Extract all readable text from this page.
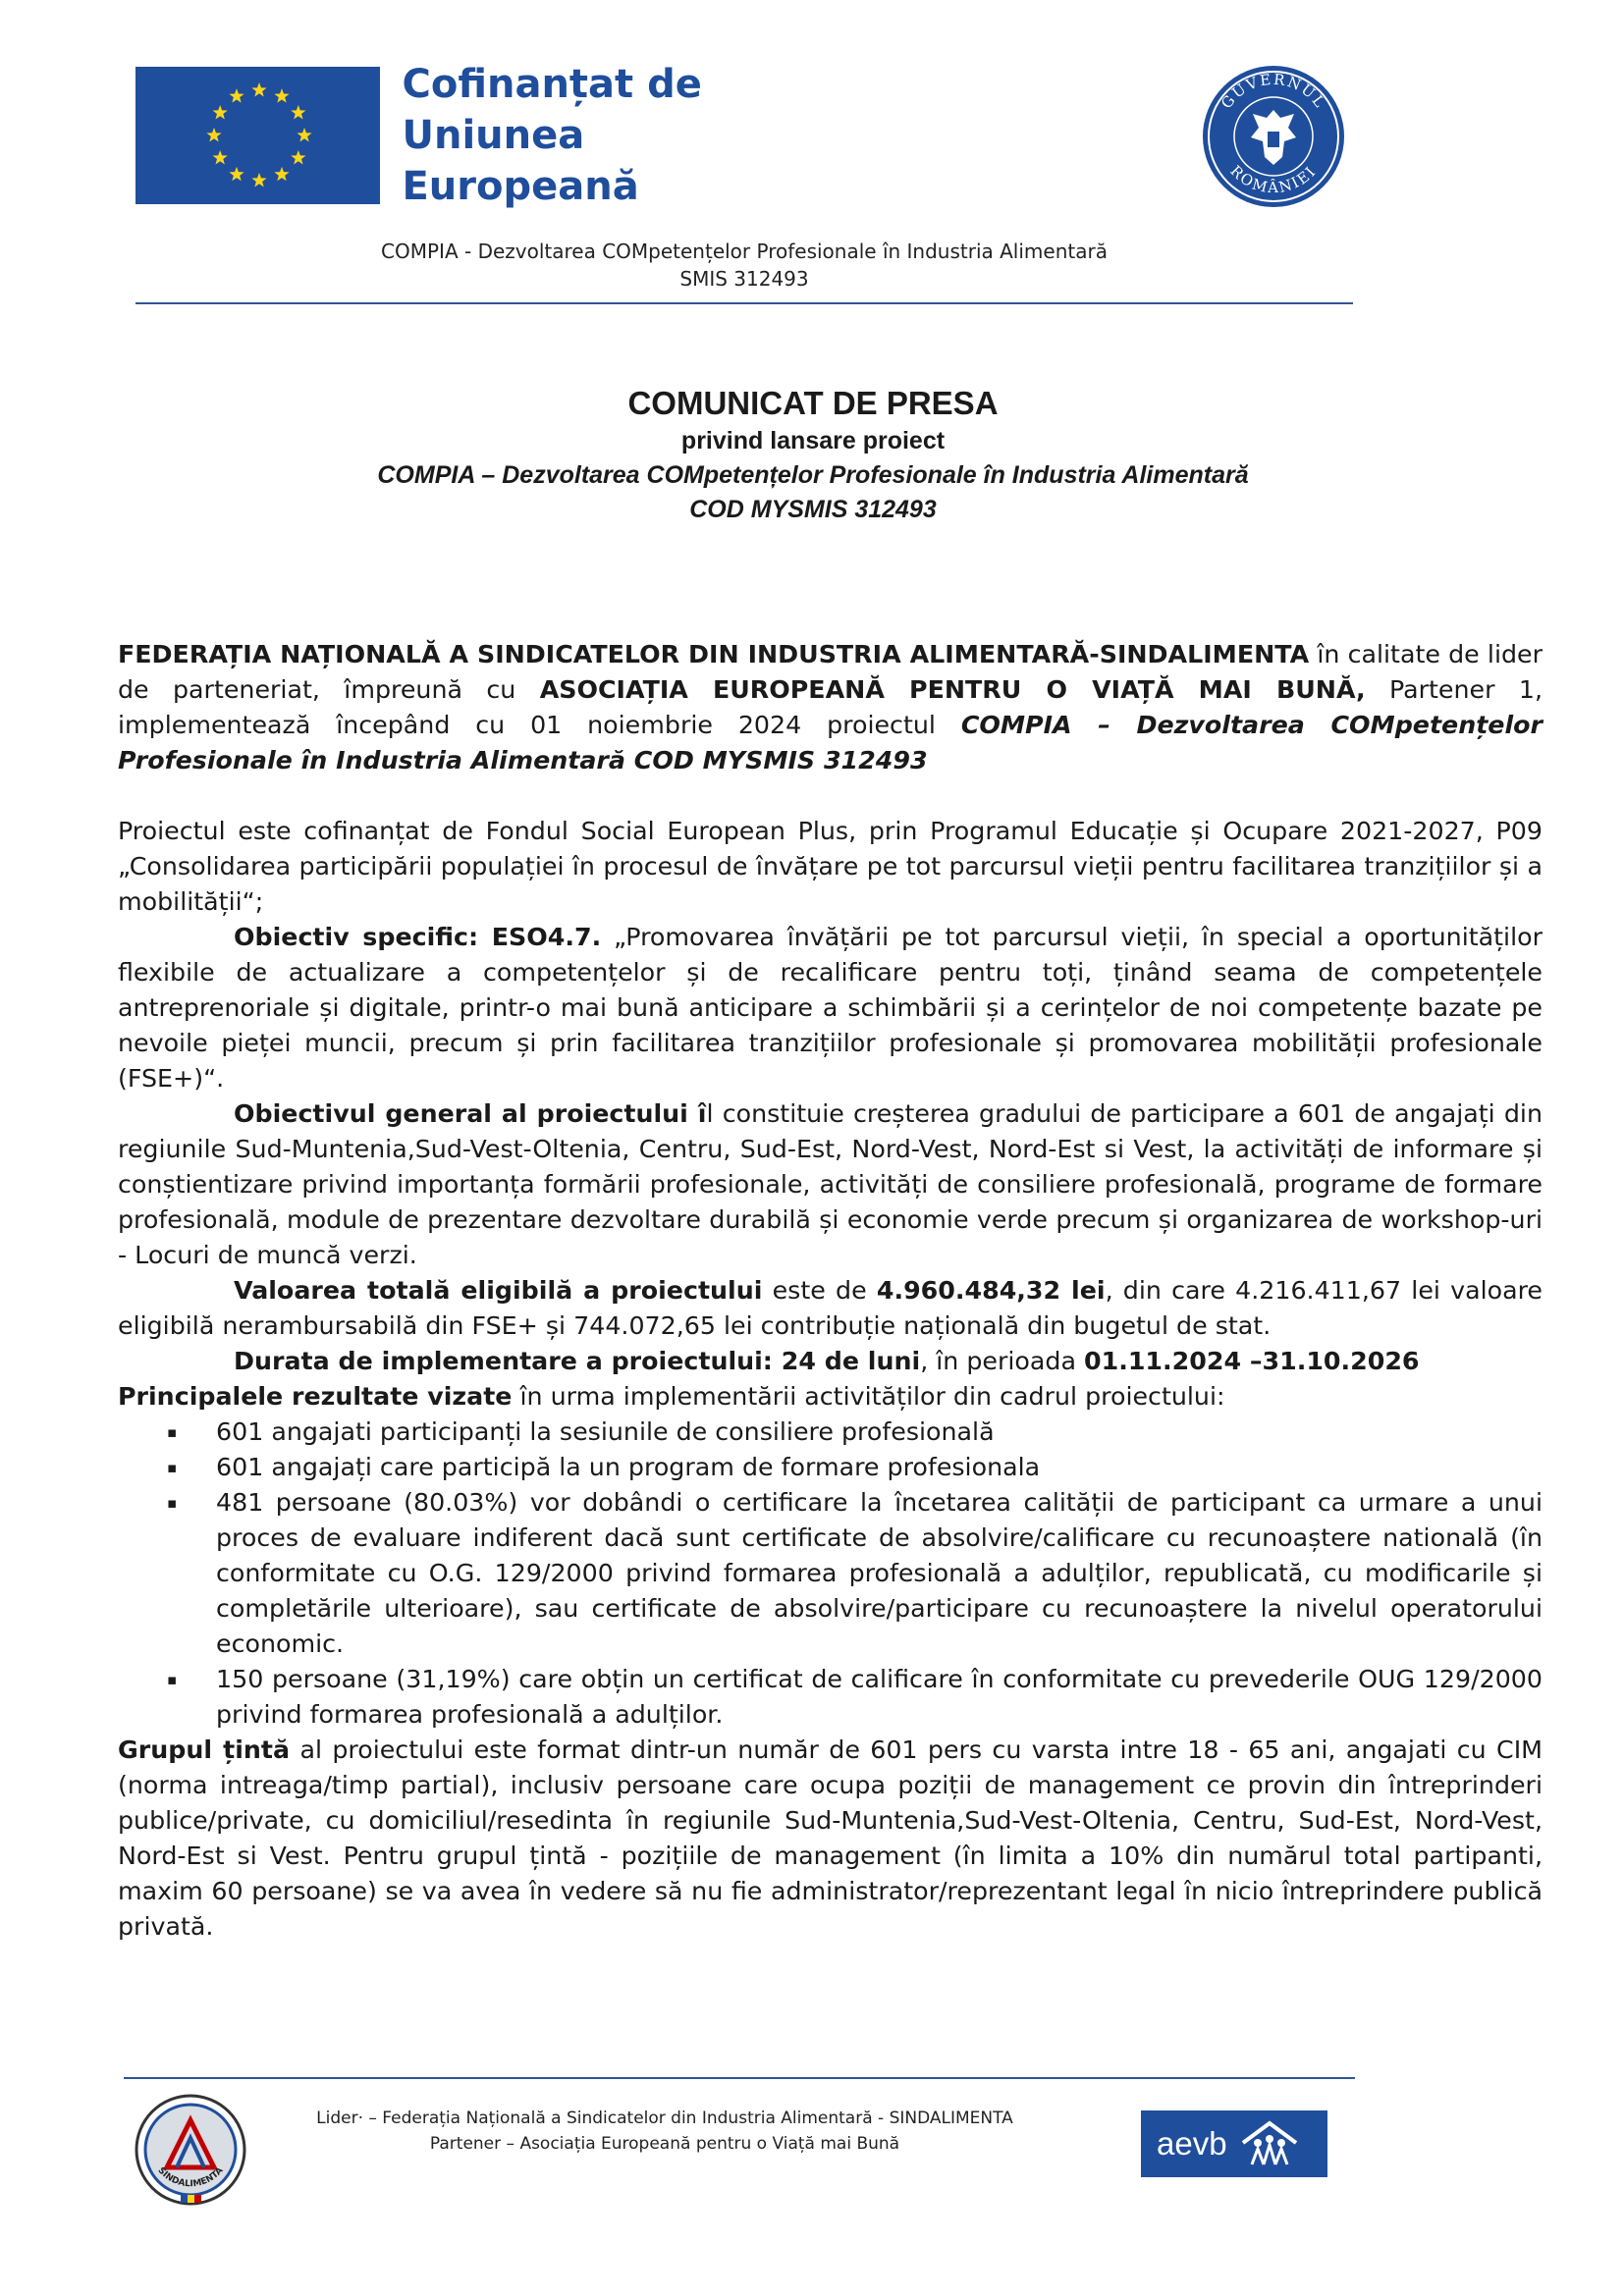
Cofinanțat de
Uniunea Europeană
GUVERNUL
ROMÂNIEI
COMPIA - Dezvoltarea COMpetențelor Profesionale în Industria Alimentară
SMIS 312493
COMUNICAT DE PRESA
privind lansare proiect
COMPIA – Dezvoltarea COMpetențelor Profesionale în Industria Alimentară
COD MYSMIS 312493

FEDERAȚIA NAȚIONALĂ A SINDICATELOR DIN INDUSTRIA ALIMENTARĂ-SINDALIMENTA în calitate de lider de parteneriat, împreună cu ASOCIAȚIA EUROPEANĂ PENTRU O VIAȚĂ MAI BUNĂ, Partener 1, implementează începând cu 01 noiembrie 2024 proiectul COMPIA – Dezvoltarea COMpetențelor Profesionale în Industria Alimentară COD MYSMIS 312493

Proiectul este cofinanțat de Fondul Social European Plus, prin Programul Educație și Ocupare 2021-2027, P09 „Consolidarea participării populației în procesul de învățare pe tot parcursul vieții pentru facilitarea tranzițiilor și a mobilității“;

Obiectiv specific: ESO4.7. „Promovarea învățării pe tot parcursul vieții, în special a oportunităților flexibile de actualizare a competențelor și de recalificare pentru toți, ținând seama de competențele antreprenoriale și digitale, printr-o mai bună anticipare a schimbării și a cerințelor de noi competențe bazate pe nevoile pieței muncii, precum și prin facilitarea tranzițiilor profesionale și promovarea mobilității profesionale (FSE+)“.

Obiectivul general al proiectului îl constituie creșterea gradului de participare a 601 de angajați din regiunile Sud-Muntenia,Sud-Vest-Oltenia, Centru, Sud-Est, Nord-Vest, Nord-Est si Vest, la activități de informare și conștientizare privind importanța formării profesionale, activități de consiliere profesională, programe de formare profesională, module de prezentare dezvoltare durabilă și economie verde precum și organizarea de workshop-uri - Locuri de muncă verzi.

Valoarea totală eligibilă a proiectului este de 4.960.484,32 lei, din care 4.216.411,67 lei valoare eligibilă nerambursabilă din FSE+ și 744.072,65 lei contribuție națională din bugetul de stat.

Durata de implementare a proiectului: 24 de luni, în perioada 01.11.2024 –31.10.2026

Principalele rezultate vizate în urma implementării activităților din cadrul proiectului:

▪ 601 angajati participanți la sesiunile de consiliere profesională
▪ 601 angajați care participă la un program de formare profesionala
▪ 481 persoane (80.03%) vor dobândi o certificare la încetarea calității de participant ca urmare a unui proces de evaluare indiferent dacă sunt certificate de absolvire/calificare cu recunoaștere natională (în conformitate cu O.G. 129/2000 privind formarea profesională a adulților, republicată, cu modificarile și completările ulterioare), sau certificate de absolvire/participare cu recunoaștere la nivelul operatorului economic.
▪ 150 persoane (31,19%) care obțin un certificat de calificare în conformitate cu prevederile OUG 129/2000 privind formarea profesională a adulților.

Grupul țintă al proiectului este format dintr-un număr de 601 pers cu varsta intre 18 - 65 ani, angajati cu CIM (norma intreaga/timp partial), inclusiv persoane care ocupa poziții de management ce provin din întreprinderi publice/private, cu domiciliul/resedinta în regiunile Sud-Muntenia,Sud-Vest-Oltenia, Centru, Sud-Est, Nord-Vest, Nord-Est si Vest. Pentru grupul țintă - pozițiile de management (în limita a 10% din numărul total partipanti, maxim 60 persoane) se va avea în vedere să nu fie administrator/reprezentant legal în nicio întreprindere publică privată.

SINDALIMENTA
Lider· – Federația Națională a Sindicatelor din Industria Alimentară - SINDALIMENTA
Partener – Asociația Europeană pentru o Viață mai Bună	aevb
